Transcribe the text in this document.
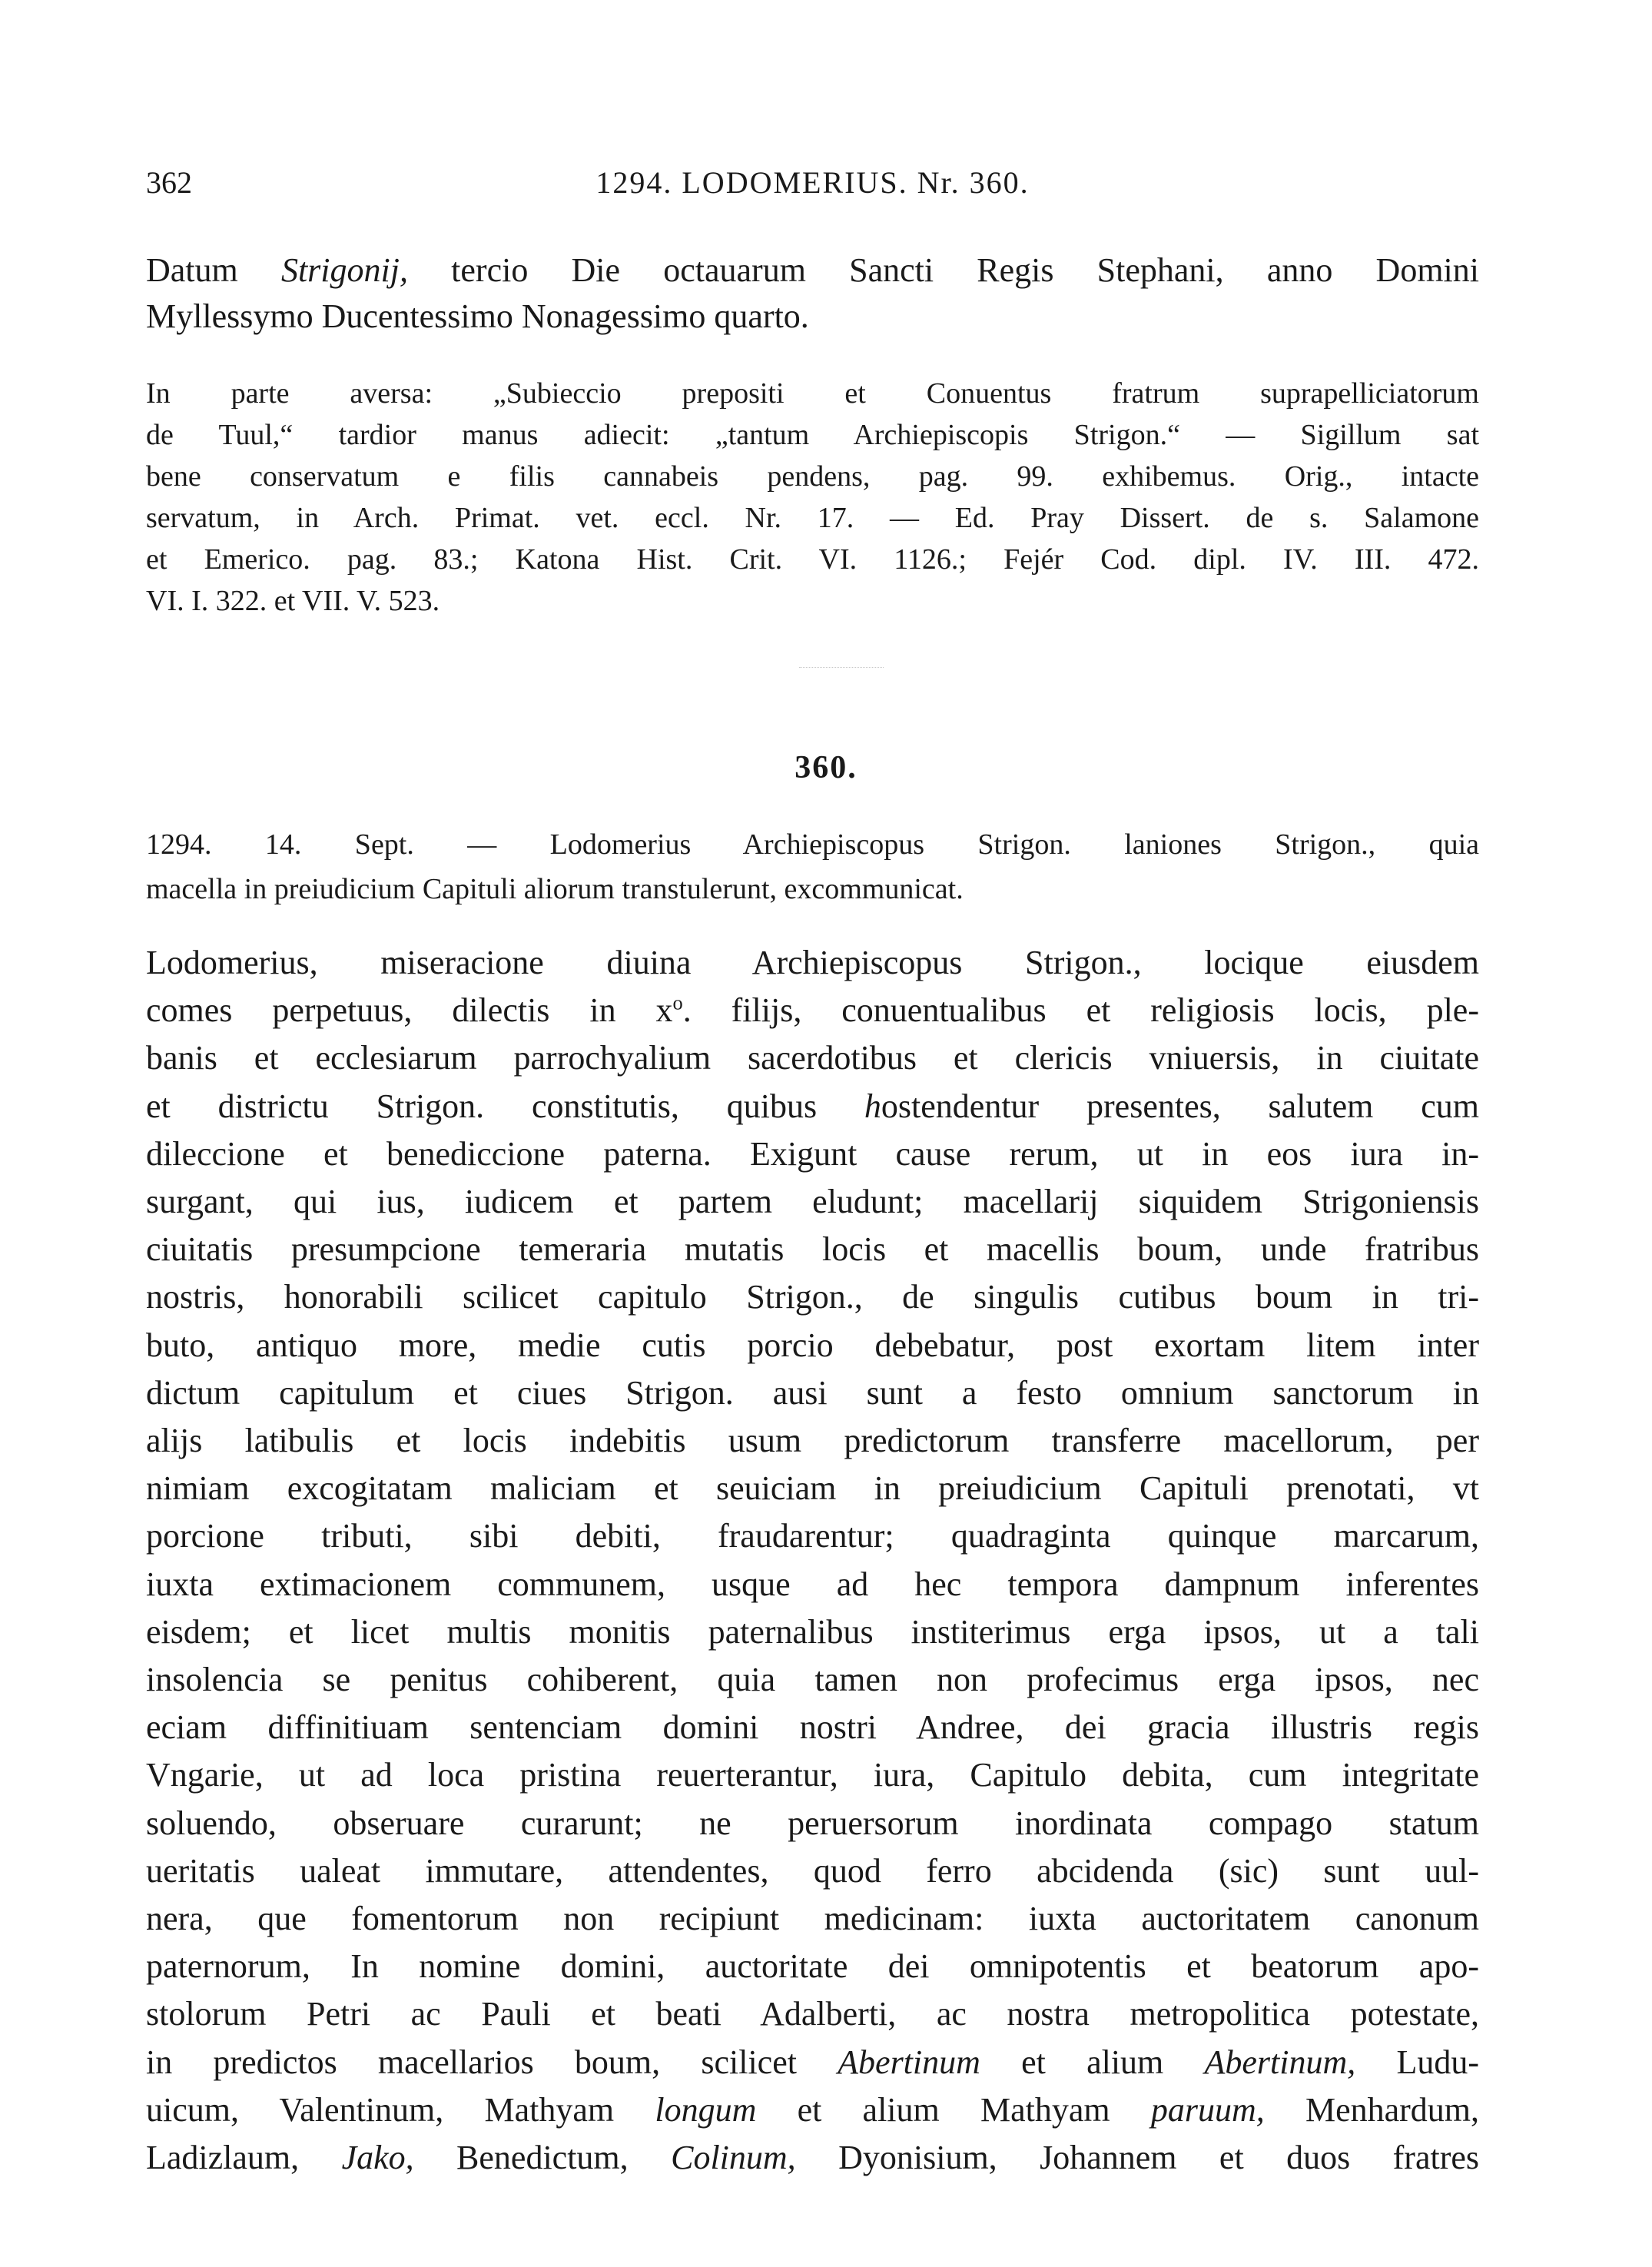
362	1294. LODOMERIUS. Nr. 360.
Datum Strigonij, tercio Die octauarum Sancti Regis Stephani, anno Domini
Myllessymo Ducentessimo Nonagessimo quarto.
In parte aversa: „Subieccio prepositi et Conuentus fratrum suprapelliciatorum
de Tuul,“ tardior manus adiecit: „tantum Archiepiscopis Strigon.“ — Sigillum sat
bene conservatum e filis cannabeis pendens, pag. 99. exhibemus. Orig., intacte
servatum, in Arch. Primat. vet. eccl. Nr. 17. — Ed. Pray Dissert. de s. Salamone
et Emerico. pag. 83.; Katona Hist. Crit. VI. 1126.; Fejér Cod. dipl. IV. III. 472.
VI. I. 322. et VII. V. 523.
360.
1294. 14. Sept. — Lodomerius Archiepiscopus Strigon. laniones Strigon., quia
macella in preiudicium Capituli aliorum transtulerunt, excommunicat.
Lodomerius, miseracione diuina Archiepiscopus Strigon., locique eiusdem
comes perpetuus, dilectis in $x^o$. filijs, conuentualibus et religiosis locis, ple-
banis et ecclesiarum parrochyalium sacerdotibus et clericis vniuersis, in ciuitate
et districtu Strigon. constitutis, quibus hostendentur presentes, salutem cum
dileccione et benediccione paterna. Exigunt cause rerum, ut in eos iura in-
surgant, qui ius, iudicem et partem eludunt; macellarij siquidem Strigoniensis
ciuitatis presumpcione temeraria mutatis locis et macellis boum, unde fratribus
nostris, honorabili scilicet capitulo Strigon., de singulis cutibus boum in tri-
buto, antiquo more, medie cutis porcio debebatur, post exortam litem inter
dictum capitulum et ciues Strigon. ausi sunt a festo omnium sanctorum in
alijs latibulis et locis indebitis usum predictorum transferre macellorum, per
nimiam excogitatam maliciam et seuiciam in preiudicium Capituli prenotati, vt
porcione tributi, sibi debiti, fraudarentur; quadraginta quinque marcarum,
iuxta extimacionem communem, usque ad hec tempora dampnum inferentes
eisdem; et licet multis monitis paternalibus institerimus erga ipsos, ut a tali
insolencia se penitus cohiberent, quia tamen non profecimus erga ipsos, nec
eciam diffinitiuam sentenciam domini nostri Andree, dei gracia illustris regis
Vngarie, ut ad loca pristina reuerterantur, iura, Capitulo debita, cum integritate
soluendo, obseruare curarunt; ne peruersorum inordinata compago statum
ueritatis ualeat immutare, attendentes, quod ferro abcidenda (sic) sunt uul-
nera, que fomentorum non recipiunt medicinam: iuxta auctoritatem canonum
paternorum, In nomine domini, auctoritate dei omnipotentis et beatorum apo-
stolorum Petri ac Pauli et beati Adalberti, ac nostra metropolitica potestate,
in predictos macellarios boum, scilicet Abertinum et alium Abertinum, Ludu-
uicum, Valentinum, Mathyam longum et alium Mathyam paruum, Menhardum,
Ladizlaum, Jako, Benedictum, Colinum, Dyonisium, Johannem et duos fratres
